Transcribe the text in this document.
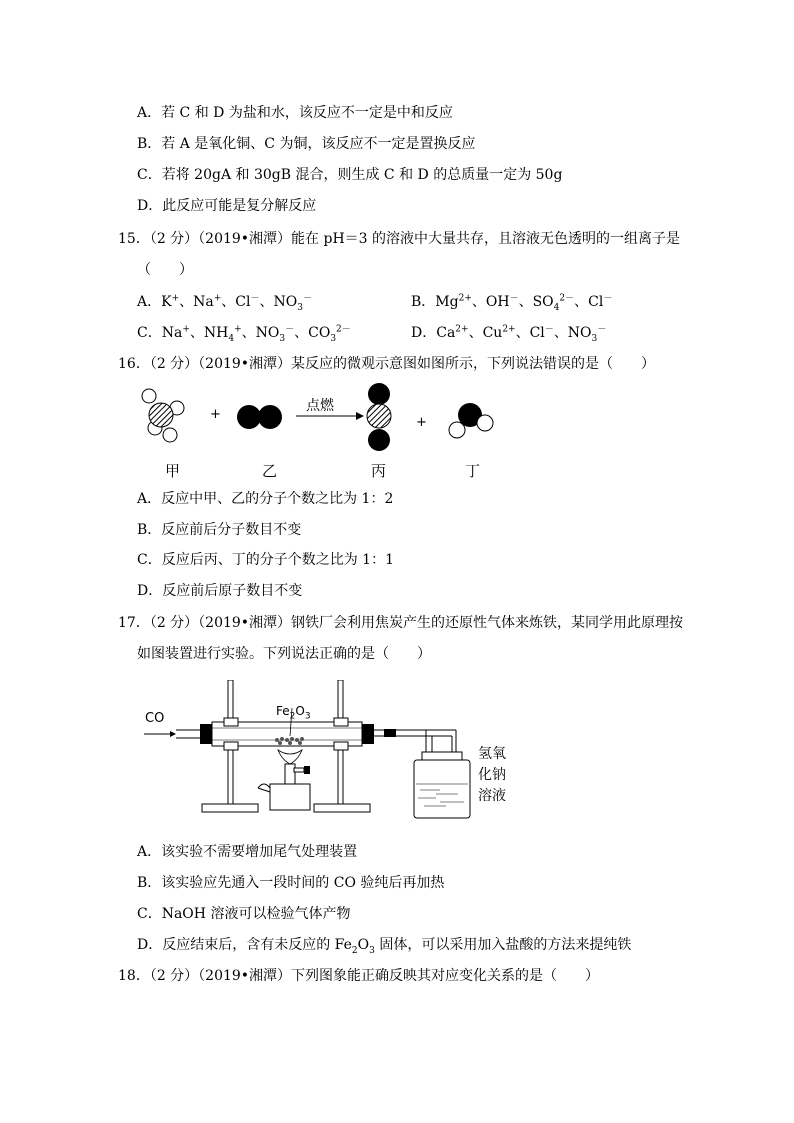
A．若 C 和 D 为盐和水，该反应不一定是中和反应
B．若 A 是氧化铜、C 为铜，该反应不一定是置换反应
C．若将 20gA 和 30gB 混合，则生成 C 和 D 的总质量一定为 50g
D．此反应可能是复分解反应
15．（2 分）（2019•湘潭）能在 pH＝3 的溶液中大量共存，且溶液无色透明的一组离子是
（　　）
A．K+、Na+、Cl－、$NO_3^-$	B．$Mg^{2+}$、OH－、$SO_4^{2-}$、Cl－
C．Na+、$NH_4^+$、$NO_3^-$、$CO_3^{2-}$	D．$Ca^{2+}$、$Cu^{2+}$、Cl－、$NO_3^-$
16．（2 分）（2019•湘潭）某反应的微观示意图如图所示，下列说法错误的是（　　）
+
点燃
+
甲	乙	丙	丁
A．反应中甲、乙的分子个数之比为 1：2
B．反应前后分子数目不变
C．反应后丙、丁的分子个数之比为 1：1
D．反应前后原子数目不变
17．（2 分）（2019•湘潭）钢铁厂会利用焦炭产生的还原性气体来炼铁，某同学用此原理按
如图装置进行实验。下列说法正确的是（　　）
CO	$Fe_2O_3$
氢氧
化钠
溶液
A．该实验不需要增加尾气处理装置
B．该实验应先通入一段时间的 CO 验纯后再加热
C．NaOH 溶液可以检验气体产物
D．反应结束后，含有未反应的 $Fe_2O_3$ 固体，可以采用加入盐酸的方法来提纯铁
18．（2 分）（2019•湘潭）下列图象能正确反映其对应变化关系的是（　　）
